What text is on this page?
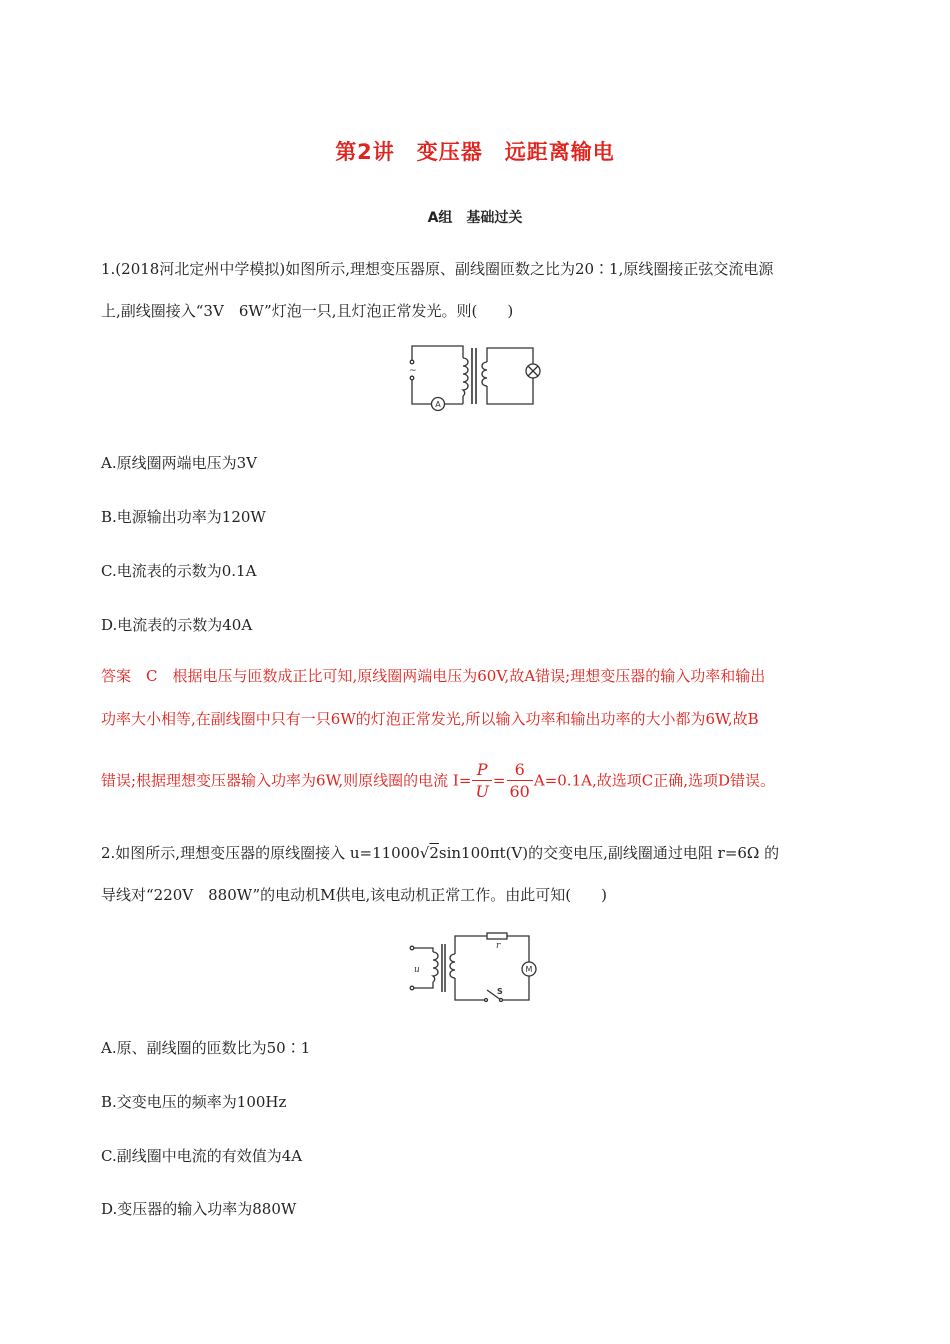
第2讲　变压器　远距离输电
A组　基础过关
1.(2018河北定州中学模拟)如图所示,理想变压器原、副线圈匝数之比为20∶1,原线圈接正弦交流电源
上,副线圈接入“3V　6W”灯泡一只,且灯泡正常发光。则(　　)
~
A
A.原线圈两端电压为3V
B.电源输出功率为120W
C.电流表的示数为0.1A
D.电流表的示数为40A
答案　C　根据电压与匝数成正比可知,原线圈两端电压为60V,故A错误;理想变压器的输入功率和输出
功率大小相等,在副线圈中只有一只6W的灯泡正常发光,所以输入功率和输出功率的大小都为6W,故B
错误;根据理想变压器输入功率为6W,则原线圈的电流 $I= \frac{P}{U} = \frac{6}{60} A=0.1A$,故选项C正确,选项D错误。
2.如图所示,理想变压器的原线圈接入 u=11000√2sin100πt(V)的交变电压,副线圈通过电阻 r=6Ω 的
导线对“220V　880W”的电动机M供电,该电动机正常工作。由此可知(　　)
u
r
M
S
A.原、副线圈的匝数比为50∶1
B.交变电压的频率为100Hz
C.副线圈中电流的有效值为4A
D.变压器的输入功率为880W
